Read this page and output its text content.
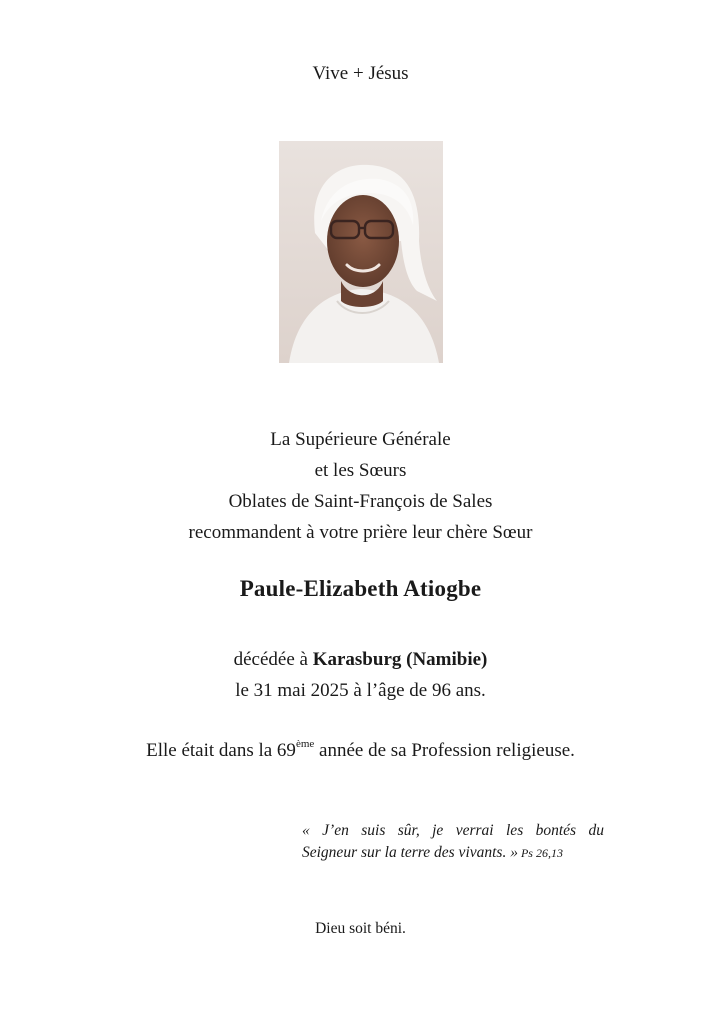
Vive + Jésus
La Supérieure Générale
et les Sœurs
Oblates de Saint-François de Sales
recommandent à votre prière leur chère Sœur
Paule-Elizabeth Atiogbe
décédée à Karasburg (Namibie)
le 31 mai 2025 à l’âge de 96 ans.
Elle était dans la 69ème année de sa Profession religieuse.
« J’en suis sûr, je verrai les bontés du
Seigneur sur la terre des vivants. » Ps 26,13
Dieu soit béni.
